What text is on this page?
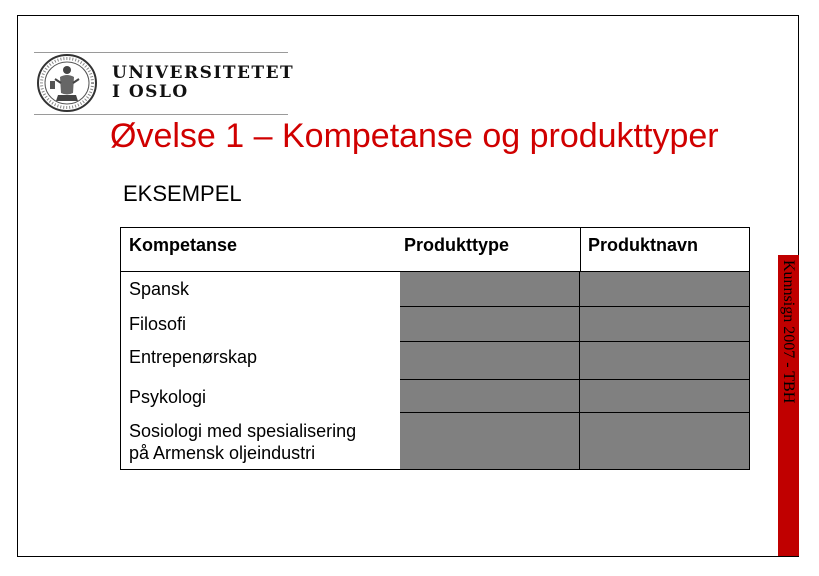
UNIVERSITETET
I OSLO
Øvelse 1 – Kompetanse og produkttyper
EKSEMPEL
Kompetanse	Produkttype	Produktnavn
Spansk
Filosofi
Entrepenørskap
Psykologi
Sosiologi med spesialisering
på Armensk oljeindustri
Kunnsign 2007 - TBH
